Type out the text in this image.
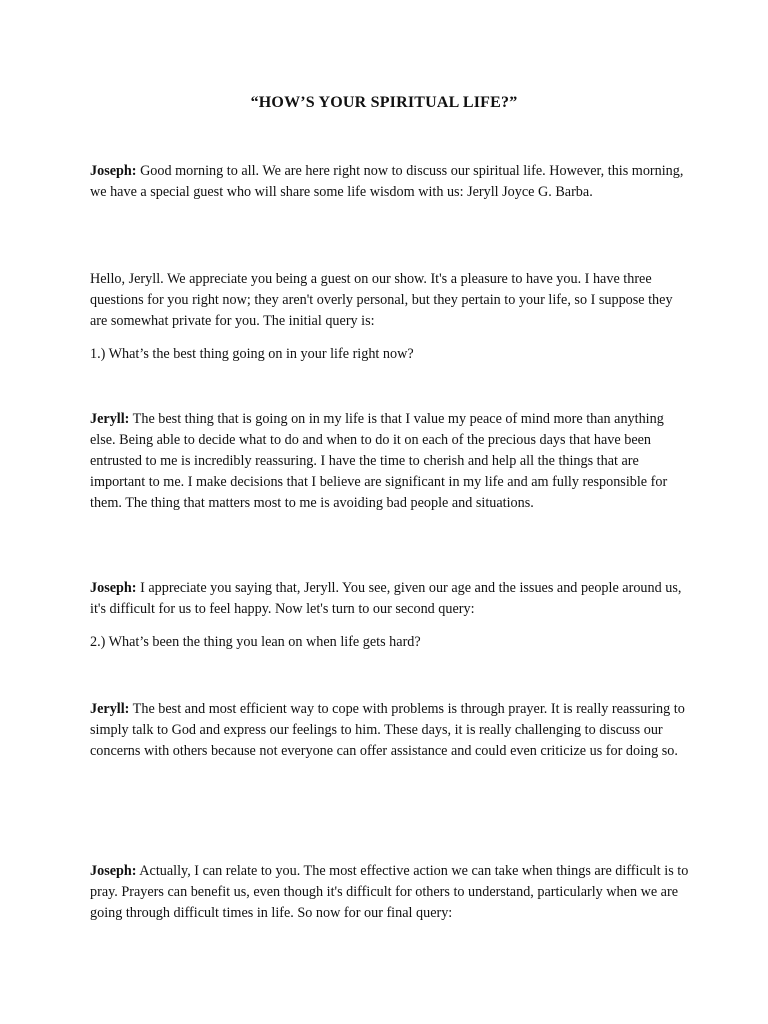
“HOW’S YOUR SPIRITUAL LIFE?”

Joseph: Good morning to all. We are here right now to discuss our spiritual life. However, this morning, we have a special guest who will share some life wisdom with us: Jeryll Joyce G. Barba.

Hello, Jeryll. We appreciate you being a guest on our show. It's a pleasure to have you. I have three questions for you right now; they aren't overly personal, but they pertain to your life, so I suppose they are somewhat private for you. The initial query is:

1.) What’s the best thing going on in your life right now?

Jeryll: The best thing that is going on in my life is that I value my peace of mind more than anything else. Being able to decide what to do and when to do it on each of the precious days that have been entrusted to me is incredibly reassuring. I have the time to cherish and help all the things that are important to me. I make decisions that I believe are significant in my life and am fully responsible for them. The thing that matters most to me is avoiding bad people and situations.

Joseph: I appreciate you saying that, Jeryll. You see, given our age and the issues and people around us, it's difficult for us to feel happy. Now let's turn to our second query:

2.) What’s been the thing you lean on when life gets hard?

Jeryll: The best and most efficient way to cope with problems is through prayer. It is really reassuring to simply talk to God and express our feelings to him. These days, it is really challenging to discuss our concerns with others because not everyone can offer assistance and could even criticize us for doing so.

Joseph: Actually, I can relate to you. The most effective action we can take when things are difficult is to pray. Prayers can benefit us, even though it's difficult for others to understand, particularly when we are going through difficult times in life. So now for our final query:
